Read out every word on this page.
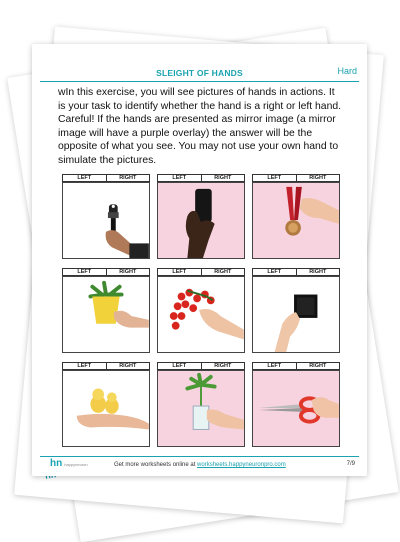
SLEIGHT OF HANDS	Hard
wIn this exercise, you will see pictures of hands in actions. It is your task to identify whether the hand is a right or left hand. Careful! If the hands are presented as mirror image (a mirror image will have a purple overlay) the answer will be the opposite of what you see. You may not use your own hand to simulate the pictures.
LEFT	RIGHT	LEFT	RIGHT	LEFT	RIGHT
LEFT	RIGHT	LEFT	RIGHT	LEFT	RIGHT
LEFT	RIGHT	LEFT	RIGHT	LEFT	RIGHT
hn happyneuron	Get more worksheets online at worksheets.happyneuronpro.com	7/9
